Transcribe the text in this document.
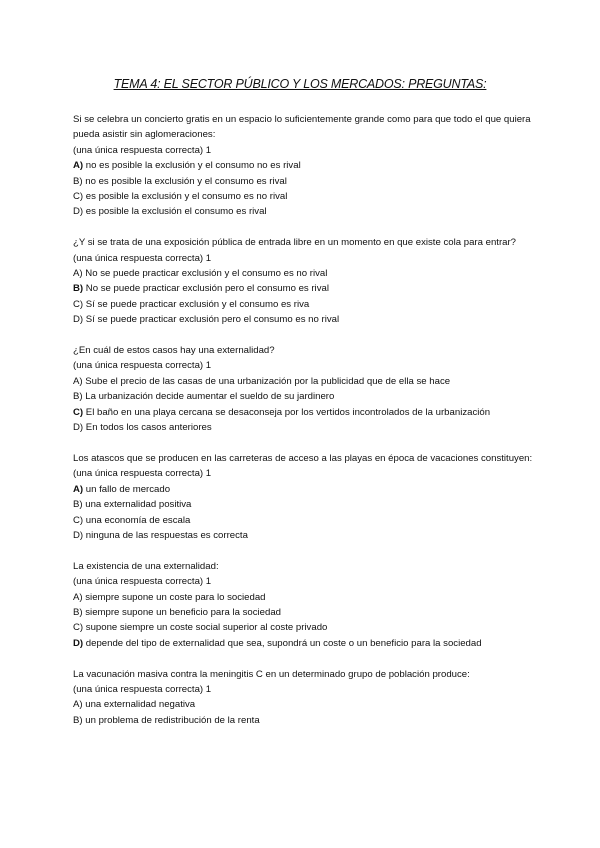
TEMA 4: EL SECTOR PÚBLICO Y LOS MERCADOS: PREGUNTAS:

Si se celebra un concierto gratis en un espacio lo suficientemente grande como para que todo el que quiera pueda asistir sin aglomeraciones:

(una única respuesta correcta) 1

A) no es posible la exclusión y el consumo no es rival

B) no es posible la exclusión y el consumo es rival

C) es posible la exclusión y el consumo es no rival

D) es posible la exclusión el consumo es rival

¿Y si se trata de una exposición pública de entrada libre en un momento en que existe cola para entrar?

(una única respuesta correcta) 1

A) No se puede practicar exclusión y el consumo es no rival

B) No se puede practicar exclusión pero el consumo es rival

C) Sí se puede practicar exclusión y el consumo es riva

D) Sí se puede practicar exclusión pero el consumo es no rival

¿En cuál de estos casos hay una externalidad?

(una única respuesta correcta) 1

A) Sube el precio de las casas de una urbanización por la publicidad que de ella se hace

B) La urbanización decide aumentar el sueldo de su jardinero

C) El baño en una playa cercana se desaconseja por los vertidos incontrolados de la urbanización

D) En todos los casos anteriores

Los atascos que se producen en las carreteras de acceso a las playas en época de vacaciones constituyen:

(una única respuesta correcta) 1

A) un fallo de mercado

B) una externalidad positiva

C) una economía de escala

D) ninguna de las respuestas es correcta

La existencia de una externalidad:

(una única respuesta correcta) 1

A) siempre supone un coste para lo sociedad

B) siempre supone un beneficio para la sociedad

C) supone siempre un coste social superior al coste privado

D) depende del tipo de externalidad que sea, supondrá un coste o un beneficio para la sociedad

La vacunación masiva contra la meningitis C en un determinado grupo de población produce:

(una única respuesta correcta) 1

A) una externalidad negativa

B) un problema de redistribución de la renta
